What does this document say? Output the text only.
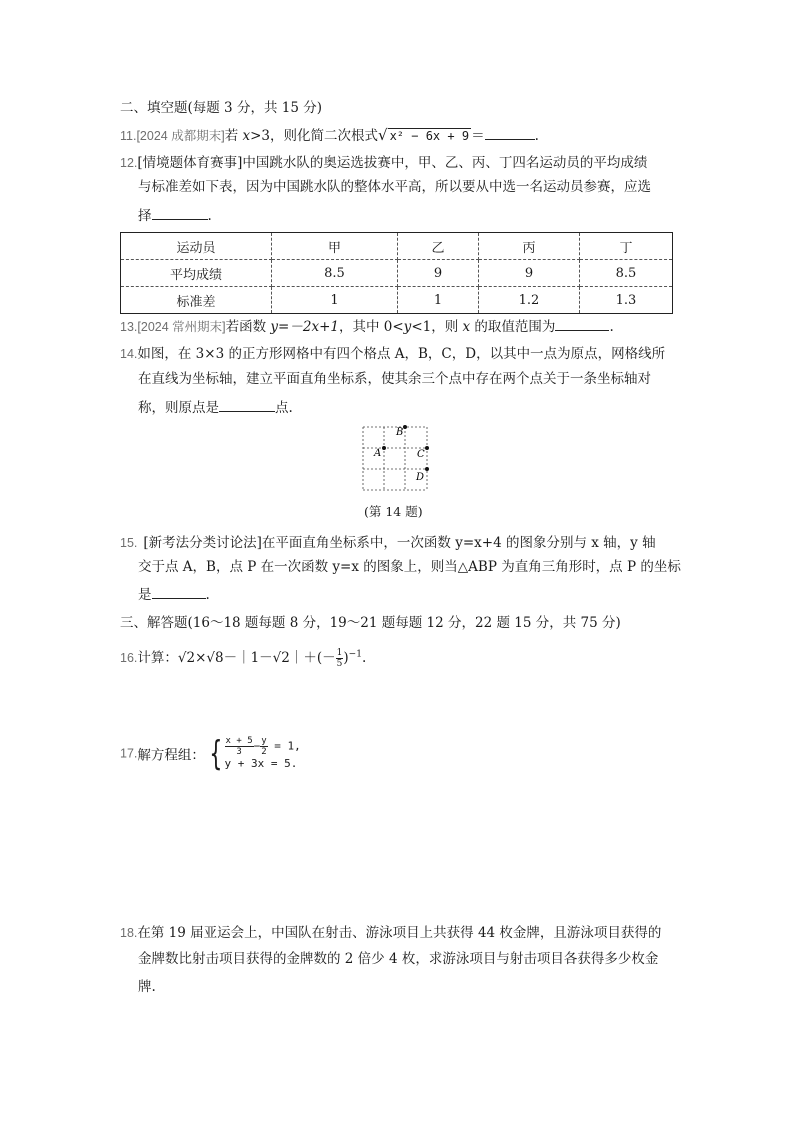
二、填空题(每题 3 分，共 15 分)
11.[2024 成都期末]若 x>3，则化简二次根式√ x² − 6x + 9 ＝	.
12.[情境题体育赛事]中国跳水队的奥运选拔赛中，甲、乙、丙、丁四名运动员的平均成绩
与标准差如下表，因为中国跳水队的整体水平高，所以要从中选一名运动员参赛，应选
择	.
运动员	甲	乙	丙	丁
平均成绩	8.5	9	9	8.5
标准差	1	1	1.2	1.3
13.[2024 常州期末]若函数 y=－2x+1，其中 0<y<1，则 x 的取值范围为	.
14.如图，在 3×3 的正方形网格中有四个格点 A，B，C，D，以其中一点为原点，网格线所
在直线为坐标轴，建立平面直角坐标系，使其余三个点中存在两个点关于一条坐标轴对
称，则原点是	点.
B
A	C
D
(第 14 题)
15. [新考法分类讨论法]在平面直角坐标系中，一次函数 y=x+4 的图象分别与 x 轴，y 轴
交于点 A，B，点 P 在一次函数 y=x 的图象上，则当△ABP 为直角三角形时，点 P 的坐标
是	.
三、解答题(16～18 题每题 8 分，19～21 题每题 12 分，22 题 15 分，共 75 分)
16.计算：√2×√8－｜1－√2｜＋(－ $\frac{1}{5} )^{-1}$.
17.解方程组： { $\frac{x + 5}{3} - \frac{y}{2} = 1$,
y + 3x = 5.
18.在第 19 届亚运会上，中国队在射击、游泳项目上共获得 44 枚金牌，且游泳项目获得的
金牌数比射击项目获得的金牌数的 2 倍少 4 枚，求游泳项目与射击项目各获得多少枚金
牌.
